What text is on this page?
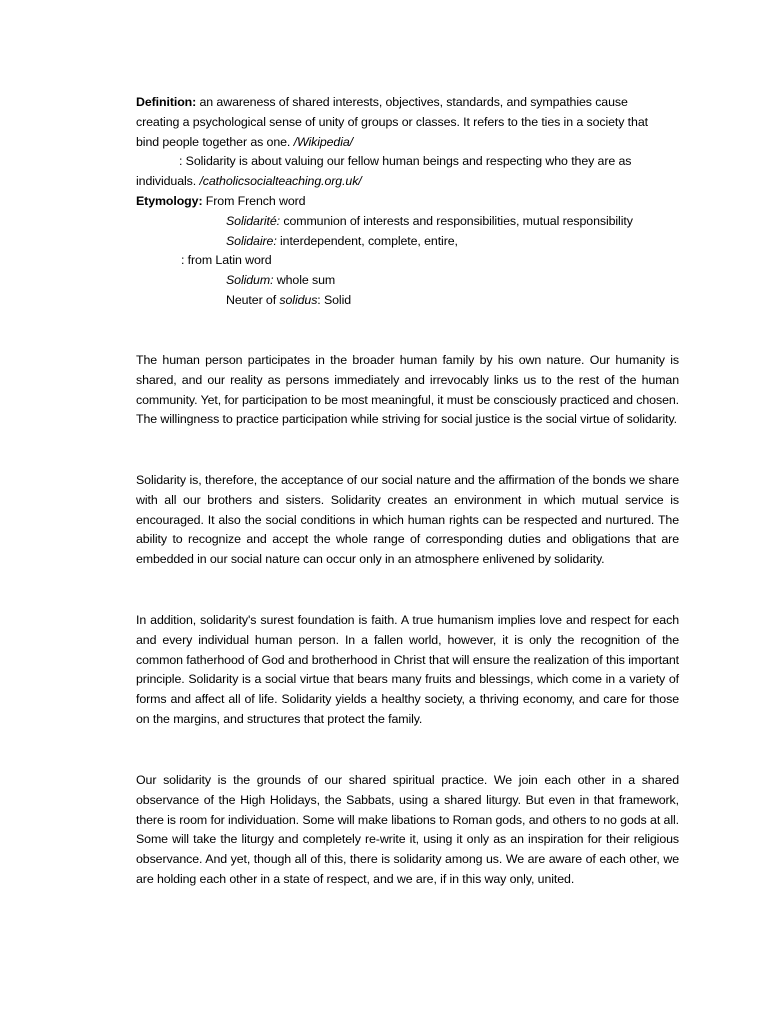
Definition: an awareness of shared interests, objectives, standards, and sympathies cause
creating a psychological sense of unity of groups or classes. It refers to the ties in a society that
bind people together as one. /Wikipedia/
: Solidarity is about valuing our fellow human beings and respecting who they are as
individuals. /catholicsocialteaching.org.uk/
Etymology: From French word
Solidarité: communion of interests and responsibilities, mutual responsibility
Solidaire: interdependent, complete, entire,
: from Latin word
Solidum: whole sum
Neuter of solidus: Solid

The human person participates in the broader human family by his own nature. Our humanity is shared, and our reality as persons immediately and irrevocably links us to the rest of the human community. Yet, for participation to be most meaningful, it must be consciously practiced and chosen. The willingness to practice participation while striving for social justice is the social virtue of solidarity.

Solidarity is, therefore, the acceptance of our social nature and the affirmation of the bonds we share with all our brothers and sisters. Solidarity creates an environment in which mutual service is encouraged. It also the social conditions in which human rights can be respected and nurtured. The ability to recognize and accept the whole range of corresponding duties and obligations that are embedded in our social nature can occur only in an atmosphere enlivened by solidarity.

In addition, solidarity's surest foundation is faith. A true humanism implies love and respect for each and every individual human person. In a fallen world, however, it is only the recognition of the common fatherhood of God and brotherhood in Christ that will ensure the realization of this important principle. Solidarity is a social virtue that bears many fruits and blessings, which come in a variety of forms and affect all of life. Solidarity yields a healthy society, a thriving economy, and care for those on the margins, and structures that protect the family.

Our solidarity is the grounds of our shared spiritual practice. We join each other in a shared observance of the High Holidays, the Sabbats, using a shared liturgy. But even in that framework, there is room for individuation. Some will make libations to Roman gods, and others to no gods at all. Some will take the liturgy and completely re-write it, using it only as an inspiration for their religious observance. And yet, though all of this, there is solidarity among us. We are aware of each other, we are holding each other in a state of respect, and we are, if in this way only, united.
